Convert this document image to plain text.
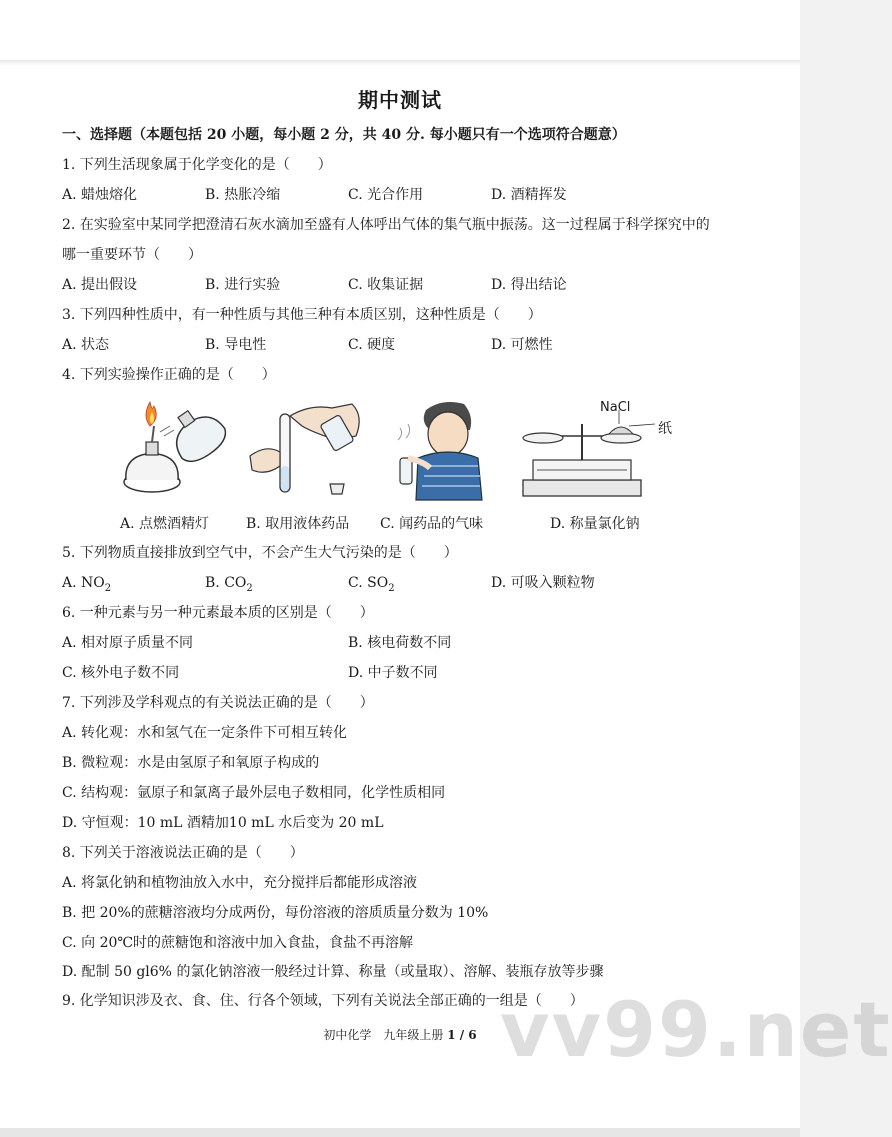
期中测试
一、选择题（本题包括 20 小题，每小题 2 分，共 40 分. 每小题只有一个选项符合题意）
1. 下列生活现象属于化学变化的是（　　）
A. 蜡烛熔化	B. 热胀冷缩	C. 光合作用	D. 酒精挥发
2. 在实验室中某同学把澄清石灰水滴加至盛有人体呼出气体的集气瓶中振荡。这一过程属于科学探究中的
哪一重要环节（　　）
A. 提出假设	B. 进行实验	C. 收集证据	D. 得出结论
3. 下列四种性质中，有一种性质与其他三种有本质区别，这种性质是（　　）
A. 状态	B. 导电性	C. 硬度	D. 可燃性
4. 下列实验操作正确的是（　　）
A. 点燃酒精灯	B. 取用液体药品 C. 闻药品的气味
NaCl
纸
D. 称量氯化钠
5. 下列物质直接排放到空气中，不会产生大气污染的是（　　）
A. $NO_2$	B. $CO_2$	C. $SO_2$	D. 可吸入颗粒物
6. 一种元素与另一种元素最本质的区别是（　　）
A. 相对原子质量不同	B. 核电荷数不同
C. 核外电子数不同	D. 中子数不同
7. 下列涉及学科观点的有关说法正确的是（　　）
A. 转化观：水和氢气在一定条件下可相互转化
B. 微粒观：水是由氢原子和氧原子构成的
C. 结构观：氩原子和氯离子最外层电子数相同，化学性质相同
D. 守恒观：10 mL 酒精加10 mL 水后变为 20 mL
8. 下列关于溶液说法正确的是（　　）
A. 将氯化钠和植物油放入水中，充分搅拌后都能形成溶液
B. 把 20%的蔗糖溶液均分成两份，每份溶液的溶质质量分数为 10%
C. 向 20℃时的蔗糖饱和溶液中加入食盐，食盐不再溶解
D. 配制 50 gl6% 的氯化钠溶液一般经过计算、称量（或量取）、溶解、装瓶存放等步骤
9. 化学知识涉及衣、食、住、行各个领域，下列有关说法全部正确的一组是（　　）
vv99.net
初中化学　九年级上册 1 / 6
